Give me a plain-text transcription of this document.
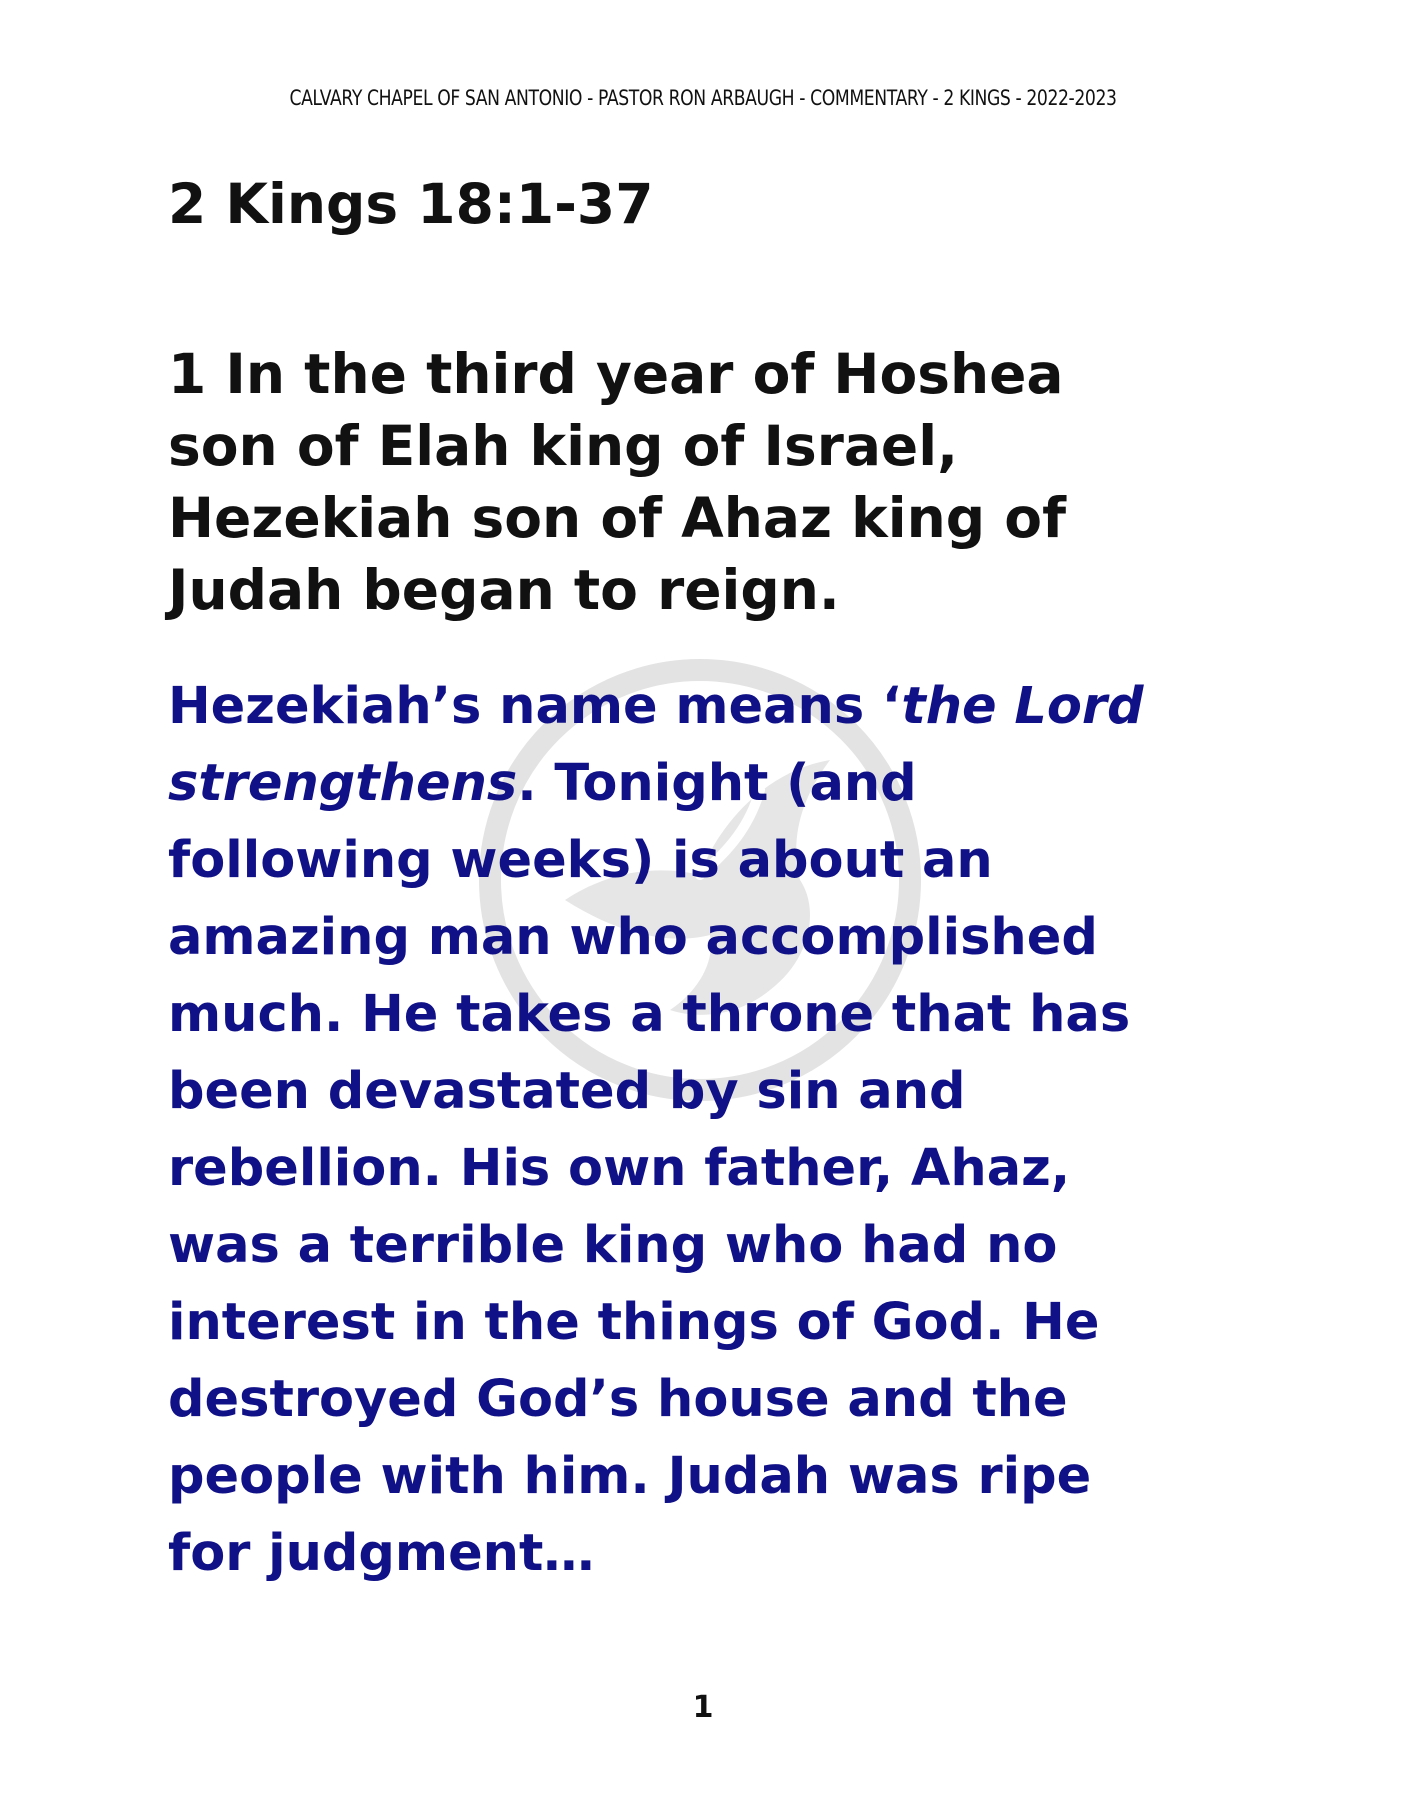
CALVARY CHAPEL OF SAN ANTONIO - PASTOR RON ARBAUGH - COMMENTARY - 2 KINGS - 2022-2023
2 Kings 18:1-37
1 In the third year of Hoshea
son of Elah king of Israel,
Hezekiah son of Ahaz king of
Judah began to reign.
Hezekiah’s name means ‘the Lord
strengthens. Tonight (and
following weeks) is about an
amazing man who accomplished
much. He takes a throne that has
been devastated by sin and
rebellion. His own father, Ahaz,
was a terrible king who had no
interest in the things of God. He
destroyed God’s house and the
people with him. Judah was ripe
for judgment…
1
